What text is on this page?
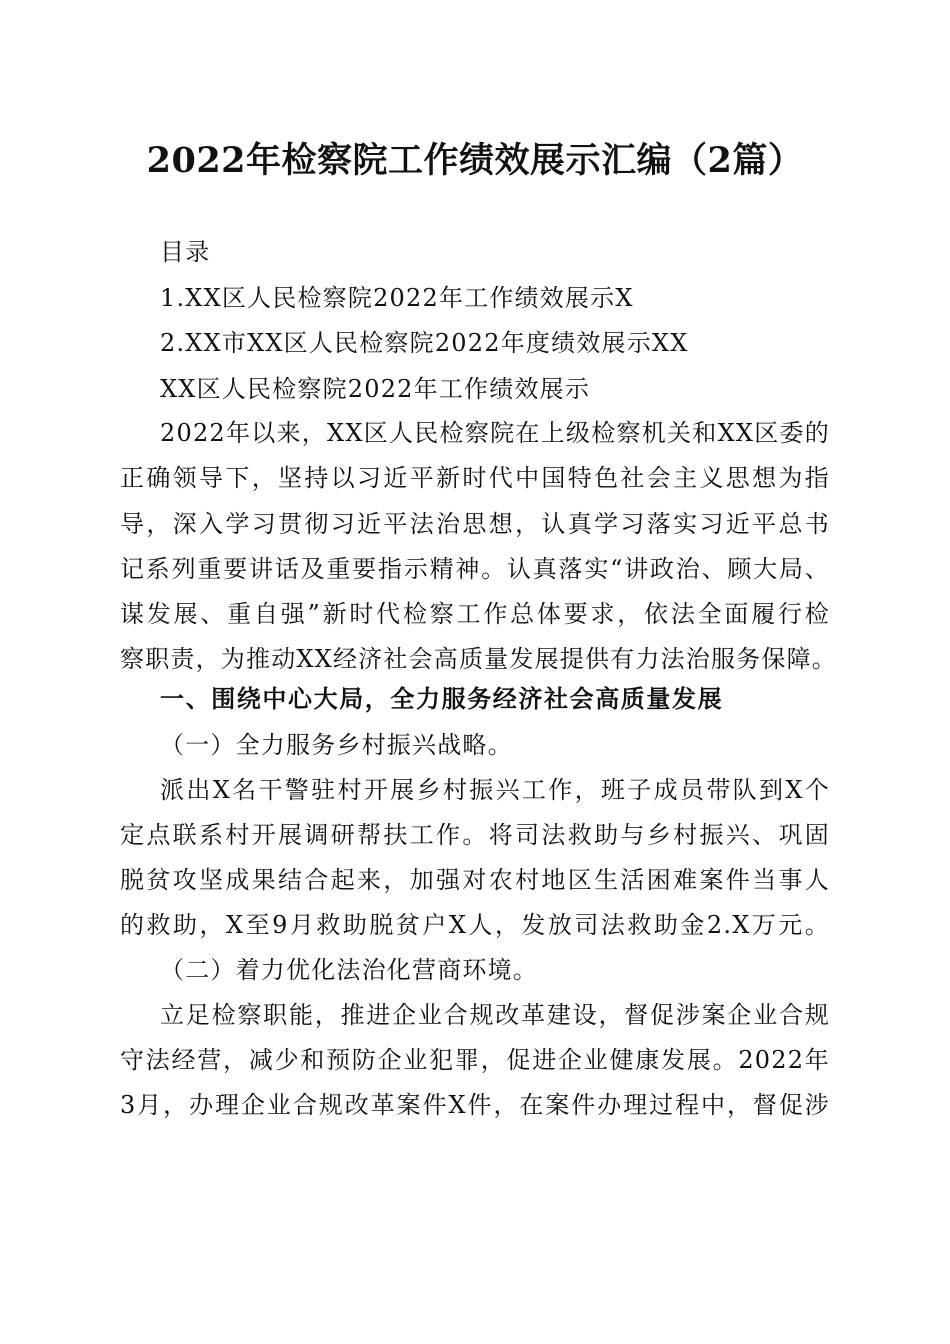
2022年检察院工作绩效展示汇编（2篇）
目录
1.XX区人民检察院2022年工作绩效展示X
2.XX市XX区人民检察院2022年度绩效展示XX
XX区人民检察院2022年工作绩效展示
2022年以来，XX区人民检察院在上级检察机关和XX区委的
正确领导下，坚持以习近平新时代中国特色社会主义思想为指
导，深入学习贯彻习近平法治思想，认真学习落实习近平总书
记系列重要讲话及重要指示精神。认真落实“讲政治、顾大局、
谋发展、重自强”新时代检察工作总体要求，依法全面履行检
察职责，为推动XX经济社会高质量发展提供有力法治服务保障。
一、围绕中心大局，全力服务经济社会高质量发展
（一）全力服务乡村振兴战略。
派出X名干警驻村开展乡村振兴工作，班子成员带队到X个
定点联系村开展调研帮扶工作。将司法救助与乡村振兴、巩固
脱贫攻坚成果结合起来，加强对农村地区生活困难案件当事人
的救助，X至9月救助脱贫户X人，发放司法救助金2.X万元。
（二）着力优化法治化营商环境。
立足检察职能，推进企业合规改革建设，督促涉案企业合规
守法经营，减少和预防企业犯罪，促进企业健康发展。2022年
3月，办理企业合规改革案件X件，在案件办理过程中，督促涉
